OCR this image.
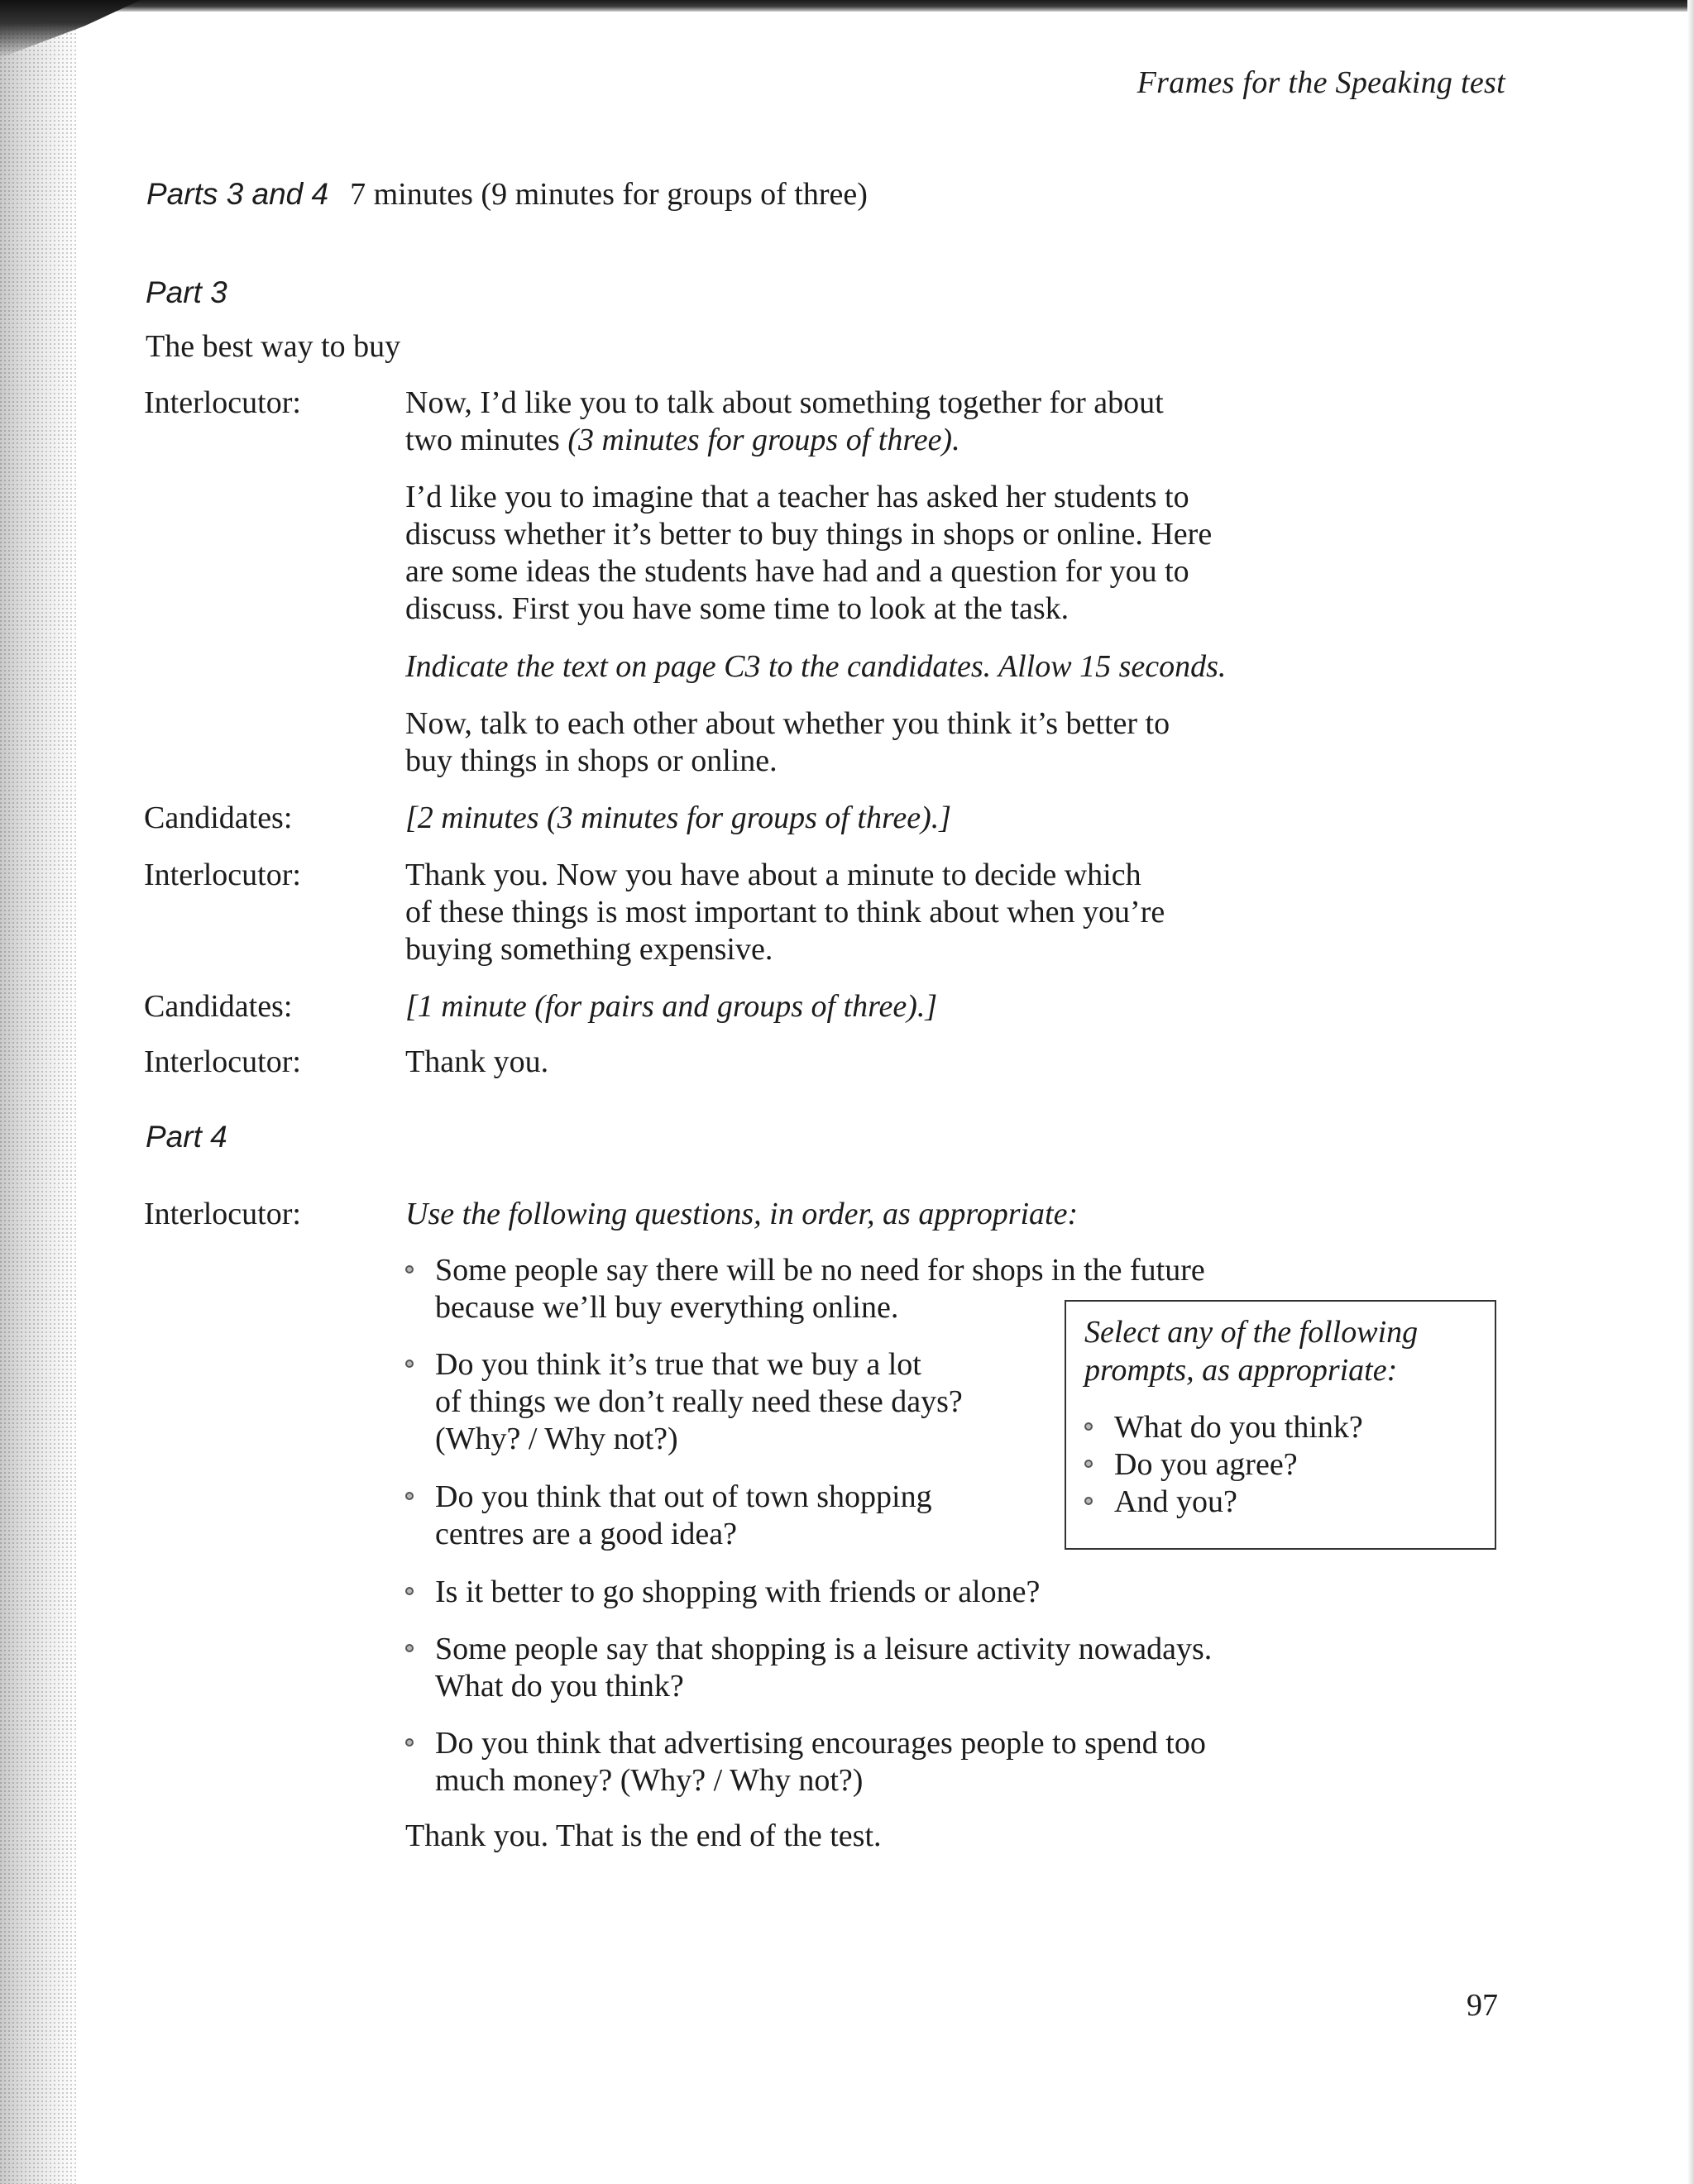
Frames for the Speaking test
Parts 3 and 4 7 minutes (9 minutes for groups of three)
Part 3
The best way to buy
Interlocutor:	Now, I’d like you to talk about something together for about
two minutes (3 minutes for groups of three).
I’d like you to imagine that a teacher has asked her students to
discuss whether it’s better to buy things in shops or online. Here
are some ideas the students have had and a question for you to
discuss. First you have some time to look at the task.
Indicate the text on page C3 to the candidates. Allow 15 seconds.
Now, talk to each other about whether you think it’s better to
buy things in shops or online.
Candidates:	[2 minutes (3 minutes for groups of three).]
Interlocutor:	Thank you. Now you have about a minute to decide which
of these things is most important to think about when you’re
buying something expensive.
Candidates:	[1 minute (for pairs and groups of three).]
Interlocutor:	Thank you.
Part 4
Interlocutor:	Use the following questions, in order, as appropriate:
Some people say there will be no need for shops in the future
because we’ll buy everything online.
Do you think it’s true that we buy a lot
of things we don’t really need these days?
(Why? / Why not?)
Do you think that out of town shopping
centres are a good idea?
Is it better to go shopping with friends or alone?
Some people say that shopping is a leisure activity nowadays.
What do you think?
Do you think that advertising encourages people to spend too
much money? (Why? / Why not?)
Select any of the following
prompts, as appropriate:
What do you think?
Do you agree?
And you?
Thank you. That is the end of the test.
97
